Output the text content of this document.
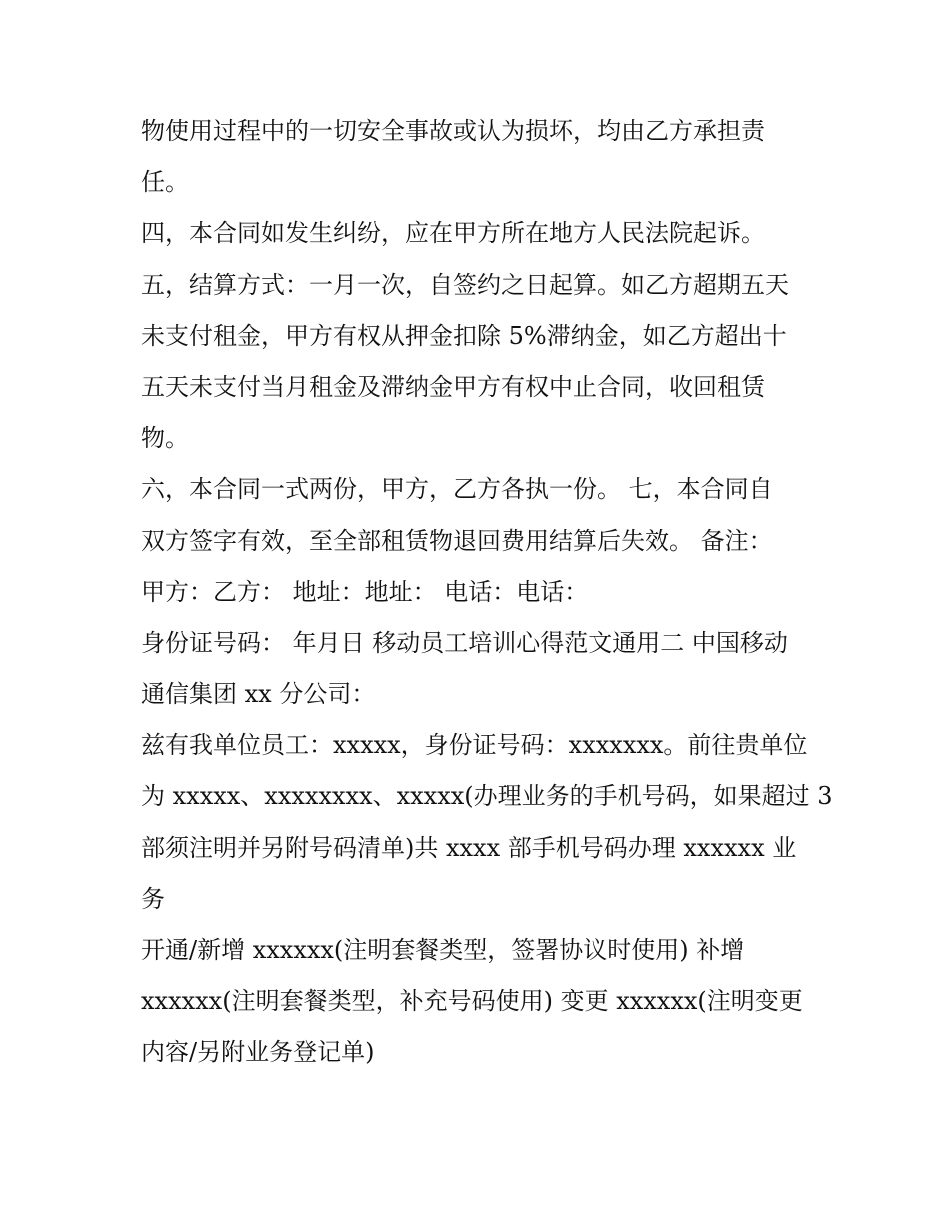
物使用过程中的一切安全事故或认为损坏，均由乙方承担责
任。
四，本合同如发生纠纷，应在甲方所在地方人民法院起诉。
五，结算方式：一月一次，自签约之日起算。如乙方超期五天
未支付租金，甲方有权从押金扣除 5%滞纳金，如乙方超出十
五天未支付当月租金及滞纳金甲方有权中止合同，收回租赁
物。
六，本合同一式两份，甲方，乙方各执一份。 七，本合同自
双方签字有效，至全部租赁物退回费用结算后失效。 备注：
甲方：乙方： 地址：地址： 电话：电话：
身份证号码： 年月日 移动员工培训心得范文通用二 中国移动
通信集团 xx 分公司：
兹有我单位员工：xxxxx，身份证号码：xxxxxxx。前往贵单位
为 xxxxx、xxxxxxxx、xxxxx(办理业务的手机号码，如果超过 3
部须注明并另附号码清单)共 xxxx 部手机号码办理 xxxxxx 业
务
开通/新增 xxxxxx(注明套餐类型，签署协议时使用) 补增
xxxxxx(注明套餐类型，补充号码使用) 变更 xxxxxx(注明变更
内容/另附业务登记单)
